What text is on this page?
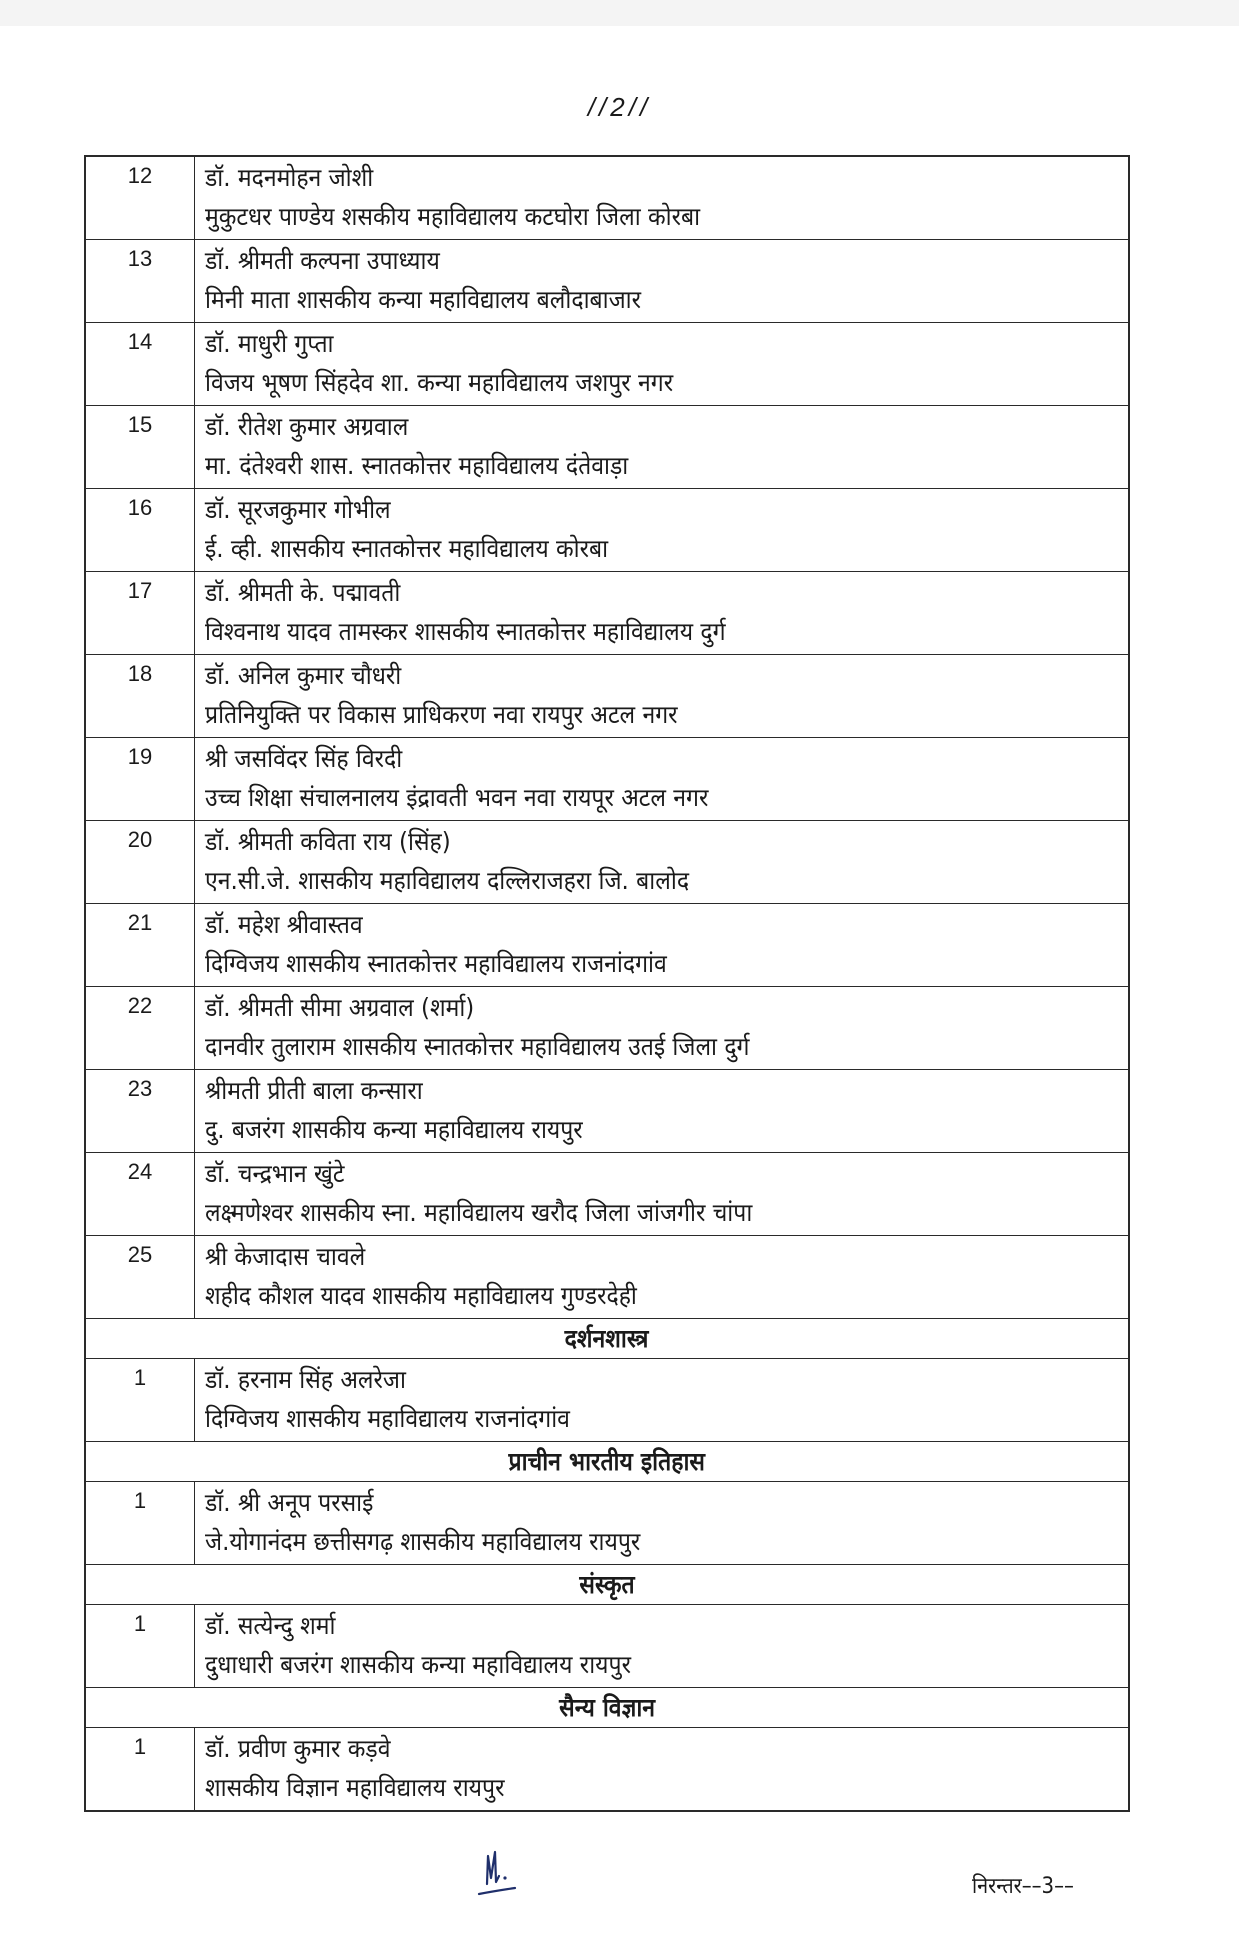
//2//
12	डॉ. मदनमोहन जोशी
मुकुटधर पाण्डेय शसकीय महाविद्यालय कटघोरा जिला कोरबा

13	डॉ. श्रीमती कल्पना उपाध्याय
मिनी माता शासकीय कन्या महाविद्यालय बलौदाबाजार

14	डॉ. माधुरी गुप्ता
विजय भूषण सिंहदेव शा. कन्या महाविद्यालय जशपुर नगर

15	डॉ. रीतेश कुमार अग्रवाल
मा. दंतेश्वरी शास. स्नातकोत्तर महाविद्यालय दंतेवाड़ा

16	डॉ. सूरजकुमार गोभील
ई. व्ही. शासकीय स्नातकोत्तर महाविद्यालय कोरबा

17	डॉ. श्रीमती के. पद्मावती
विश्वनाथ यादव तामस्कर शासकीय स्नातकोत्तर महाविद्यालय दुर्ग

18	डॉ. अनिल कुमार चौधरी
प्रतिनियुक्ति पर विकास प्राधिकरण नवा रायपुर अटल नगर

19	श्री जसविंदर सिंह विरदी
उच्च शिक्षा संचालनालय इंद्रावती भवन नवा रायपूर अटल नगर

20	डॉ. श्रीमती कविता राय (सिंह)
एन.सी.जे. शासकीय महाविद्यालय दल्लिराजहरा जि. बालोद

21	डॉ. महेश श्रीवास्तव
दिग्विजय शासकीय स्नातकोत्तर महाविद्यालय राजनांदगांव

22	डॉ. श्रीमती सीमा अग्रवाल (शर्मा)
दानवीर तुलाराम शासकीय स्नातकोत्तर महाविद्यालय उतई जिला दुर्ग

23	श्रीमती प्रीती बाला कन्सारा
दु. बजरंग शासकीय कन्या महाविद्यालय रायपुर

24	डॉ. चन्द्रभान खुंटे
लक्ष्मणेश्वर शासकीय स्ना. महाविद्यालय खरौद जिला जांजगीर चांपा

25	श्री केजादास चावले
शहीद कौशल यादव शासकीय महाविद्यालय गुण्डरदेही

दर्शनशास्त्र	
1	डॉ. हरनाम सिंह अलरेजा
दिग्विजय शासकीय महाविद्यालय राजनांदगांव

प्राचीन भारतीय इतिहास	
1	डॉ. श्री अनूप परसाई
जे.योगानंदम छत्तीसगढ़ शासकीय महाविद्यालय रायपुर

संस्कृत	
1	डॉ. सत्येन्दु शर्मा
दुधाधारी बजरंग शासकीय कन्या महाविद्यालय रायपुर

सैन्य विज्ञान	
1	डॉ. प्रवीण कुमार कड़वे
शासकीय विज्ञान महाविद्यालय रायपुर
निरन्तर––3––
